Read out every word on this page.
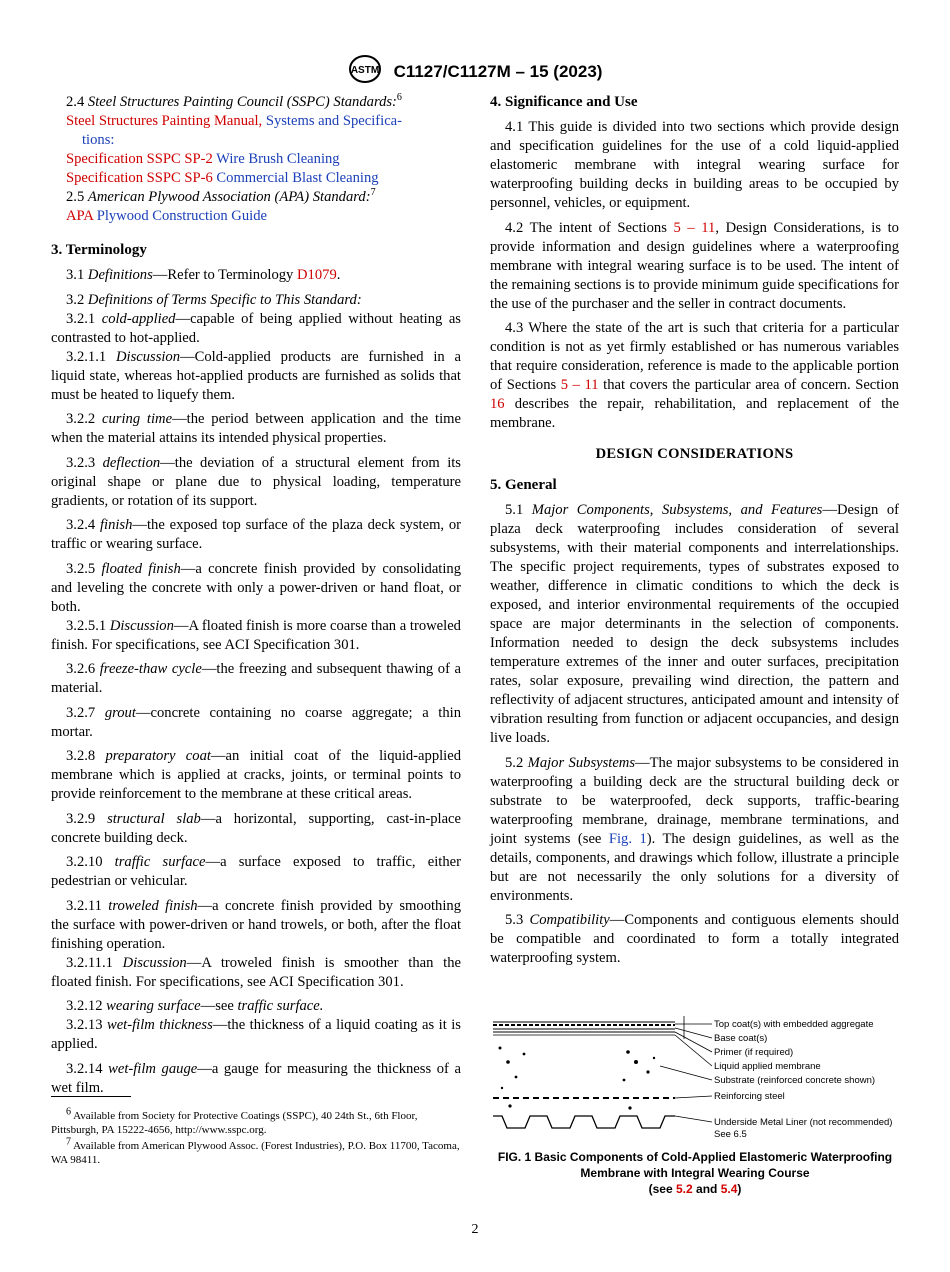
ASTM C1127/C1127M – 15 (2023)

2.4 Steel Structures Painting Council (SSPC) Standards:$^6$

Steel Structures Painting Manual, Systems and Specifica-
tions:
Specification SSPC SP-2 Wire Brush Cleaning
Specification SSPC SP-6 Commercial Blast Cleaning

2.5 American Plywood Association (APA) Standard:$^7$

APA Plywood Construction Guide
3. Terminology

3.1 Definitions—Refer to Terminology D1079.

3.2 Definitions of Terms Specific to This Standard:

3.2.1 cold-applied—capable of being applied without heating as contrasted to hot-applied.

3.2.1.1 Discussion—Cold-applied products are furnished in a liquid state, whereas hot-applied products are furnished as solids that must be heated to liquefy them.

3.2.2 curing time—the period between application and the time when the material attains its intended physical properties.

3.2.3 deflection—the deviation of a structural element from its original shape or plane due to physical loading, temperature gradients, or rotation of its support.

3.2.4 finish—the exposed top surface of the plaza deck system, or traffic or wearing surface.

3.2.5 floated finish—a concrete finish provided by consolidating and leveling the concrete with only a power-driven or hand float, or both.

3.2.5.1 Discussion—A floated finish is more coarse than a troweled finish. For specifications, see ACI Specification 301.

3.2.6 freeze-thaw cycle—the freezing and subsequent thawing of a material.

3.2.7 grout—concrete containing no coarse aggregate; a thin mortar.

3.2.8 preparatory coat—an initial coat of the liquid-applied membrane which is applied at cracks, joints, or terminal points to provide reinforcement to the membrane at these critical areas.

3.2.9 structural slab—a horizontal, supporting, cast-in-place concrete building deck.

3.2.10 traffic surface—a surface exposed to traffic, either pedestrian or vehicular.

3.2.11 troweled finish—a concrete finish provided by smoothing the surface with power-driven or hand trowels, or both, after the float finishing operation.

3.2.11.1 Discussion—A troweled finish is smoother than the floated finish. For specifications, see ACI Specification 301.

3.2.12 wearing surface—see traffic surface.

3.2.13 wet-film thickness—the thickness of a liquid coating as it is applied.

3.2.14 wet-film gauge—a gauge for measuring the thickness of a wet film.

$^6$ Available from Society for Protective Coatings (SSPC), 40 24th St., 6th Floor, Pittsburgh, PA 15222-4656, http://www.sspc.org.

$^7$ Available from American Plywood Assoc. (Forest Industries), P.O. Box 11700, Tacoma, WA 98411.

4. Significance and Use

4.1 This guide is divided into two sections which provide design and specification guidelines for the use of a cold liquid-applied elastomeric membrane with integral wearing surface for waterproofing building decks in building areas to be occupied by personnel, vehicles, or equipment.

4.2 The intent of Sections 5 – 11, Design Considerations, is to provide information and design guidelines where a waterproofing membrane with integral wearing surface is to be used. The intent of the remaining sections is to provide minimum guide specifications for the use of the purchaser and the seller in contract documents.

4.3 Where the state of the art is such that criteria for a particular condition is not as yet firmly established or has numerous variables that require consideration, reference is made to the applicable portion of Sections 5 – 11 that covers the particular area of concern. Section 16 describes the repair, rehabilitation, and replacement of the membrane.

DESIGN CONSIDERATIONS
5. General

5.1 Major Components, Subsystems, and Features—Design of plaza deck waterproofing includes consideration of several subsystems, with their material components and interrelationships. The specific project requirements, types of substrates exposed to weather, difference in climatic conditions to which the deck is exposed, and interior environmental requirements of the occupied space are major determinants in the selection of components. Information needed to design the deck subsystems includes temperature extremes of the inner and outer surfaces, precipitation rates, solar exposure, prevailing wind direction, the pattern and reflectivity of adjacent structures, anticipated amount and intensity of vibration resulting from function or adjacent occupancies, and design live loads.

5.2 Major Subsystems—The major subsystems to be considered in waterproofing a building deck are the structural building deck or substrate to be waterproofed, deck supports, traffic-bearing waterproofing membrane, drainage, membrane terminations, and joint systems (see Fig. 1). The design guidelines, as well as the details, components, and drawings which follow, illustrate a principle but are not necessarily the only solutions for a diversity of environments.

5.3 Compatibility—Components and contiguous elements should be compatible and coordinated to form a totally integrated waterproofing system.

Top coat(s) with embedded aggregate
Base coat(s)
Primer (if required)
Liquid applied membrane
Substrate (reinforced concrete shown)
Reinforcing steel
Underside Metal Liner (not recommended)
See 6.5
FIG. 1 Basic Components of Cold-Applied Elastomeric Waterproofing Membrane with Integral Wearing Course
(see 5.2 and 5.4)
2
